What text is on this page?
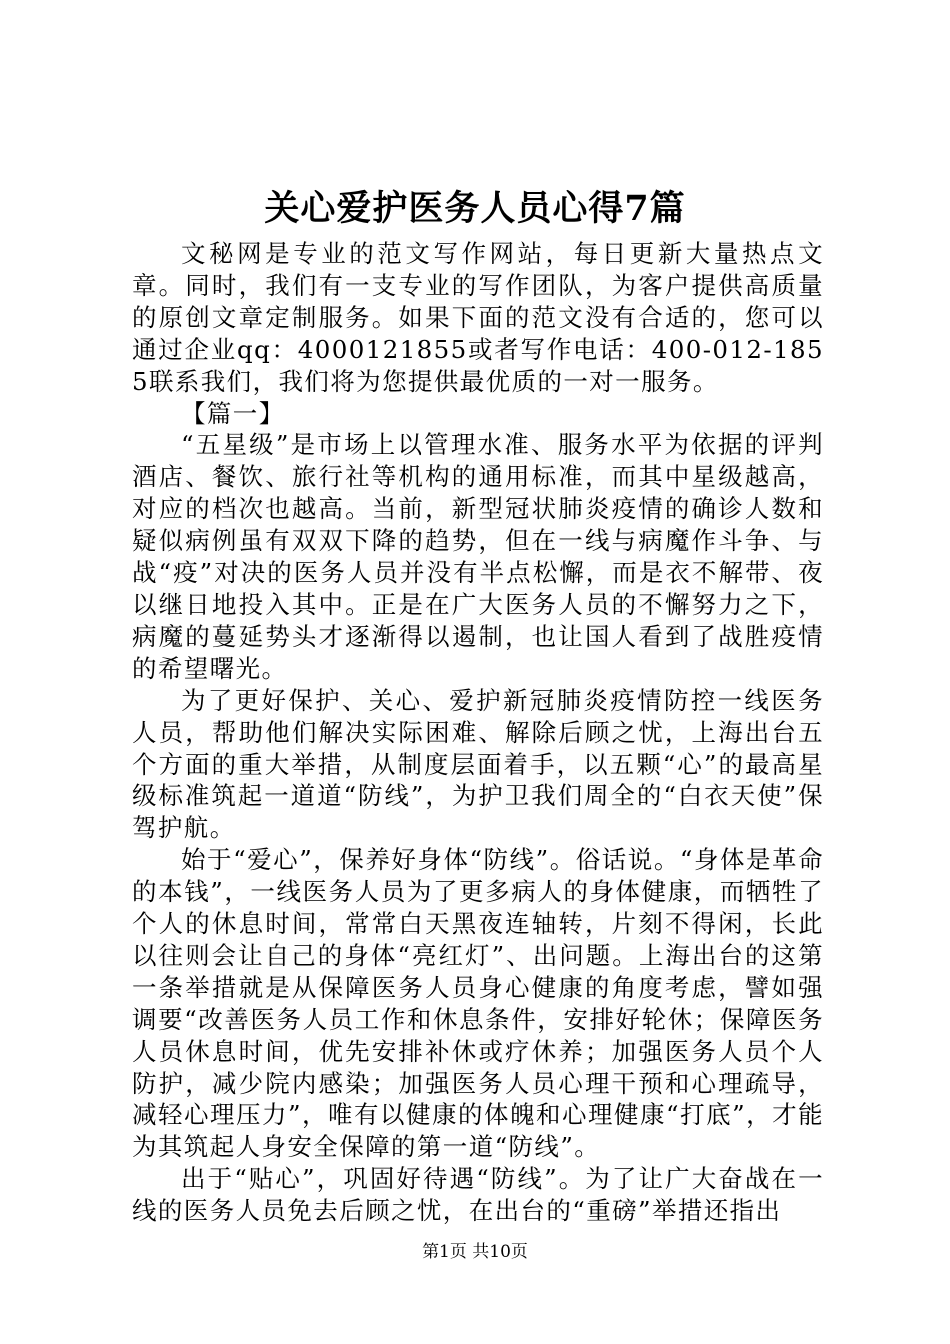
关心爱护医务人员心得7篇

文秘网是专业的范文写作网站，每日更新大量热点文章。同时，我们有一支专业的写作团队，为客户提供高质量的原创文章定制服务。如果下面的范文没有合适的，您可以通过企业qq：4000121855或者写作电话：400-012-1855联系我们，我们将为您提供最优质的一对一服务。

【篇一】

“五星级”是市场上以管理水准、服务水平为依据的评判酒店、餐饮、旅行社等机构的通用标准，而其中星级越高，对应的档次也越高。当前，新型冠状肺炎疫情的确诊人数和疑似病例虽有双双下降的趋势，但在一线与病魔作斗争、与战“疫”对决的医务人员并没有半点松懈，而是衣不解带、夜以继日地投入其中。正是在广大医务人员的不懈努力之下，病魔的蔓延势头才逐渐得以遏制，也让国人看到了战胜疫情的希望曙光。

为了更好保护、关心、爱护新冠肺炎疫情防控一线医务人员，帮助他们解决实际困难、解除后顾之忧，上海出台五个方面的重大举措，从制度层面着手，以五颗“心”的最高星级标准筑起一道道“防线”，为护卫我们周全的“白衣天使”保驾护航。

始于“爱心”，保养好身体“防线”。俗话说。“身体是革命的本钱”，一线医务人员为了更多病人的身体健康，而牺牲了个人的休息时间，常常白天黑夜连轴转，片刻不得闲，长此以往则会让自己的身体“亮红灯”、出问题。上海出台的这第一条举措就是从保障医务人员身心健康的角度考虑，譬如强调要“改善医务人员工作和休息条件，安排好轮休；保障医务人员休息时间，优先安排补休或疗休养；加强医务人员个人防护，减少院内感染；加强医务人员心理干预和心理疏导，减轻心理压力”，唯有以健康的体魄和心理健康“打底”，才能为其筑起人身安全保障的第一道“防线”。

出于“贴心”，巩固好待遇“防线”。为了让广大奋战在一线的医务人员免去后顾之忧，在出台的“重磅”举措还指出

第1页 共10页
